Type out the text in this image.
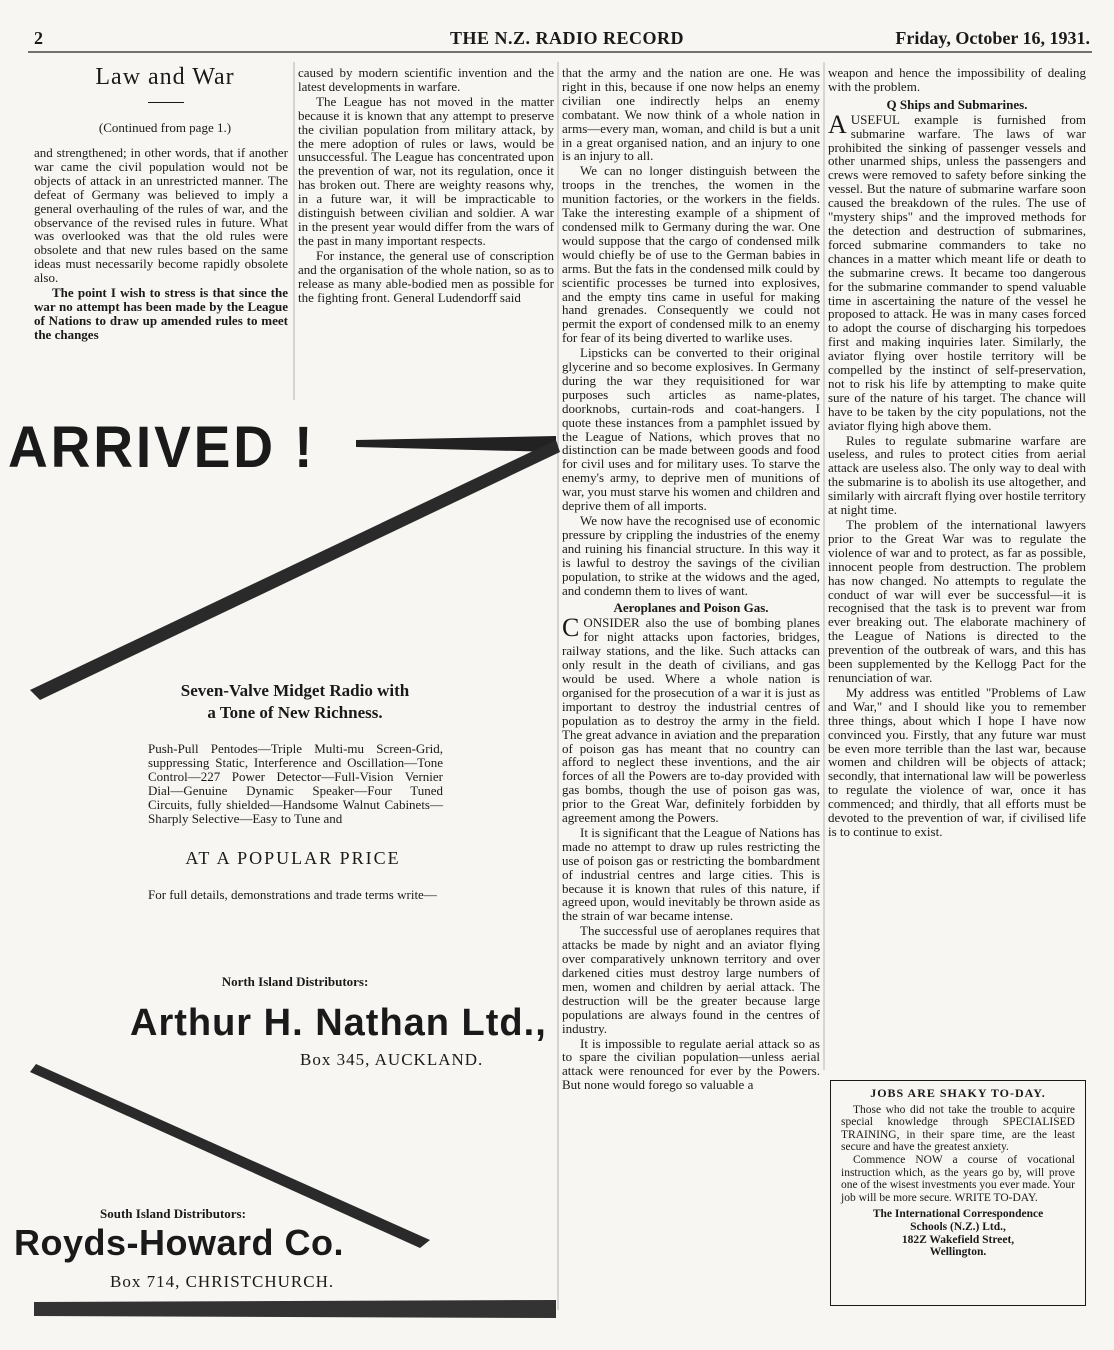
2	THE N.Z. RADIO RECORD	Friday, October 16, 1931.
Law and War
(Continued from page 1.)

and strengthened; in other words, that if another war came the civil population would not be objects of attack in an unrestricted manner. The defeat of Germany was believed to imply a general overhauling of the rules of war, and the observance of the revised rules in future. What was overlooked was that the old rules were obsolete and that new rules based on the same ideas must necessarily become rapidly obsolete also.

The point I wish to stress is that since the war no attempt has been made by the League of Nations to draw up amended rules to meet the changes

caused by modern scientific invention and the latest developments in warfare.

The League has not moved in the matter because it is known that any attempt to preserve the civilian population from military attack, by the mere adoption of rules or laws, would be unsuccessful. The League has concentrated upon the prevention of war, not its regulation, once it has broken out. There are weighty reasons why, in a future war, it will be impracticable to distinguish between civilian and soldier. A war in the present year would differ from the wars of the past in many important respects.

For instance, the general use of conscription and the organisation of the whole nation, so as to release as many able-bodied men as possible for the fighting front. General Ludendorff said

that the army and the nation are one. He was right in this, because if one now helps an enemy civilian one indirectly helps an enemy combatant. We now think of a whole nation in arms—every man, woman, and child is but a unit in a great organised nation, and an injury to one is an injury to all.

We can no longer distinguish between the troops in the trenches, the women in the munition factories, or the workers in the fields. Take the interesting example of a shipment of condensed milk to Germany during the war. One would suppose that the cargo of condensed milk would chiefly be of use to the German babies in arms. But the fats in the condensed milk could by scientific processes be turned into explosives, and the empty tins came in useful for making hand grenades. Consequently we could not permit the export of condensed milk to an enemy for fear of its being diverted to warlike uses.

Lipsticks can be converted to their original glycerine and so become explosives. In Germany during the war they requisitioned for war purposes such articles as name-plates, doorknobs, curtain-rods and coat-hangers. I quote these instances from a pamphlet issued by the League of Nations, which proves that no distinction can be made between goods and food for civil uses and for military uses. To starve the enemy's army, to deprive men of munitions of war, you must starve his women and children and deprive them of all imports.

We now have the recognised use of economic pressure by crippling the industries of the enemy and ruining his financial structure. In this way it is lawful to destroy the savings of the civilian population, to strike at the widows and the aged, and condemn them to lives of want.

Aeroplanes and Poison Gas.

CONSIDER also the use of bombing planes for night attacks upon factories, bridges, railway stations, and the like. Such attacks can only result in the death of civilians, and gas would be used. Where a whole nation is organised for the prosecution of a war it is just as important to destroy the industrial centres of population as to destroy the army in the field. The great advance in aviation and the preparation of poison gas has meant that no country can afford to neglect these inventions, and the air forces of all the Powers are to-day provided with gas bombs, though the use of poison gas was, prior to the Great War, definitely forbidden by agreement among the Powers.

It is significant that the League of Nations has made no attempt to draw up rules restricting the use of poison gas or restricting the bombardment of industrial centres and large cities. This is because it is known that rules of this nature, if agreed upon, would inevitably be thrown aside as the strain of war became intense.

The successful use of aeroplanes requires that attacks be made by night and an aviator flying over comparatively unknown territory and over darkened cities must destroy large numbers of men, women and children by aerial attack. The destruction will be the greater because large populations are always found in the centres of industry.

It is impossible to regulate aerial attack so as to spare the civilian population—unless aerial attack were renounced for ever by the Powers. But none would forego so valuable a

weapon and hence the impossibility of dealing with the problem.

Q Ships and Submarines.

AUSEFUL example is furnished from submarine warfare. The laws of war prohibited the sinking of passenger vessels and other unarmed ships, unless the passengers and crews were removed to safety before sinking the vessel. But the nature of submarine warfare soon caused the breakdown of the rules. The use of "mystery ships" and the improved methods for the detection and destruction of submarines, forced submarine commanders to take no chances in a matter which meant life or death to the submarine crews. It became too dangerous for the submarine commander to spend valuable time in ascertaining the nature of the vessel he proposed to attack. He was in many cases forced to adopt the course of discharging his torpedoes first and making inquiries later. Similarly, the aviator flying over hostile territory will be compelled by the instinct of self-preservation, not to risk his life by attempting to make quite sure of the nature of his target. The chance will have to be taken by the city populations, not the aviator flying high above them.

Rules to regulate submarine warfare are useless, and rules to protect cities from aerial attack are useless also. The only way to deal with the submarine is to abolish its use altogether, and similarly with aircraft flying over hostile territory at night time.

The problem of the international lawyers prior to the Great War was to regulate the violence of war and to protect, as far as possible, innocent people from destruction. The problem has now changed. No attempts to regulate the conduct of war will ever be successful—it is recognised that the task is to prevent war from ever breaking out. The elaborate machinery of the League of Nations is directed to the prevention of the outbreak of wars, and this has been supplemented by the Kellogg Pact for the renunciation of war.

My address was entitled "Problems of Law and War," and I should like you to remember three things, about which I hope I have now convinced you. Firstly, that any future war must be even more terrible than the last war, because women and children will be objects of attack; secondly, that international law will be powerless to regulate the violence of war, once it has commenced; and thirdly, that all efforts must be devoted to the prevention of war, if civilised life is to continue to exist.

ARRIVED !
Seven-Valve Midget Radio with
a Tone of New Richness.
Push-Pull Pentodes—Triple Multi-mu Screen-Grid, suppressing Static, Interference and Oscillation—Tone Control—227 Power Detector—Full-Vision Vernier Dial—Genuine Dynamic Speaker—Four Tuned Circuits, fully shielded—Handsome Walnut Cabinets—Sharply Selective—Easy to Tune and
AT A POPULAR PRICE
For full details, demonstrations and trade terms write—
North Island Distributors:
Arthur H. Nathan Ltd.,
Box 345, AUCKLAND.
South Island Distributors:
Royds-Howard Co.
Box 714, CHRISTCHURCH.
JOBS ARE SHAKY TO-DAY.

Those who did not take the trouble to acquire special knowledge through SPECIALISED TRAINING, in their spare time, are the least secure and have the greatest anxiety.

Commence NOW a course of vocational instruction which, as the years go by, will prove one of the wisest investments you ever made. Your job will be more secure. WRITE TO-DAY.

The International Correspondence
Schools (N.Z.) Ltd.,
182Z Wakefield Street,
Wellington.
